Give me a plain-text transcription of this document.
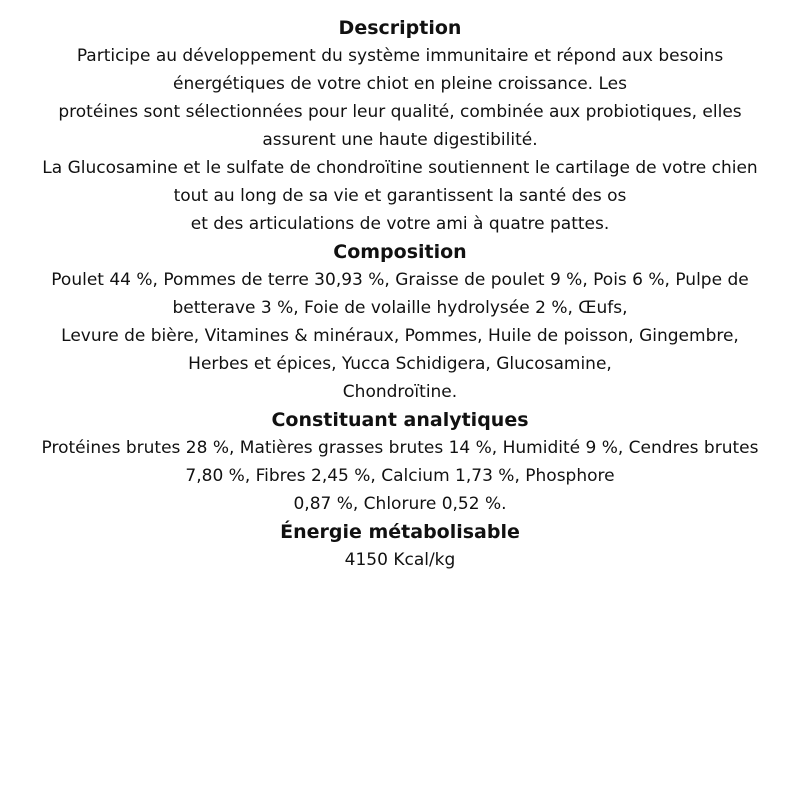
Description

Participe au développement du système immunitaire et répond aux besoins
énergétiques de votre chiot en pleine croissance. Les
protéines sont sélectionnées pour leur qualité, combinée aux probiotiques, elles
assurent une haute digestibilité.
La Glucosamine et le sulfate de chondroïtine soutiennent le cartilage de votre chien
tout au long de sa vie et garantissent la santé des os
et des articulations de votre ami à quatre pattes.

Composition

Poulet 44 %, Pommes de terre 30,93 %, Graisse de poulet 9 %, Pois 6 %, Pulpe de
betterave 3 %, Foie de volaille hydrolysée 2 %, Œufs,
Levure de bière, Vitamines & minéraux, Pommes, Huile de poisson, Gingembre,
Herbes et épices, Yucca Schidigera, Glucosamine,
Chondroïtine.

Constituant analytiques

Protéines brutes 28 %, Matières grasses brutes 14 %, Humidité 9 %, Cendres brutes
7,80 %, Fibres 2,45 %, Calcium 1,73 %, Phosphore
0,87 %, Chlorure 0,52 %.

Énergie métabolisable

4150 Kcal/kg
